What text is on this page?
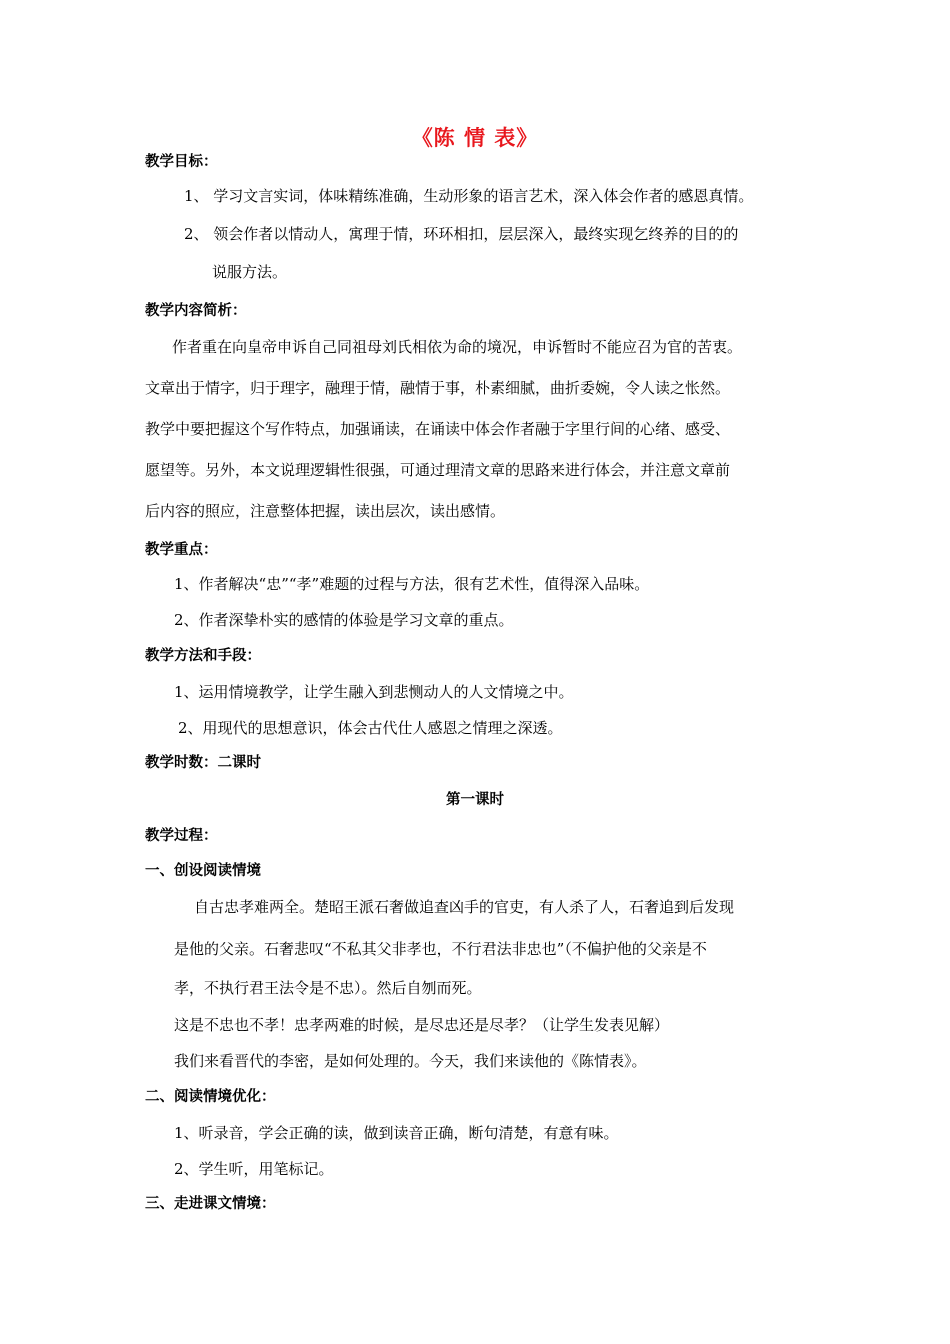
《陈 情 表》
教学目标：
1、 学习文言实词，体味精练准确，生动形象的语言艺术，深入体会作者的感恩真情。
2、 领会作者以情动人，寓理于情，环环相扣，层层深入，最终实现乞终养的目的的
说服方法。
教学内容简析：
作者重在向皇帝申诉自己同祖母刘氏相依为命的境况，申诉暂时不能应召为官的苦衷。
文章出于情字，归于理字，融理于情，融情于事，朴素细腻，曲折委婉，令人读之怅然。
教学中要把握这个写作特点，加强诵读，在诵读中体会作者融于字里行间的心绪、感受、
愿望等。另外，本文说理逻辑性很强，可通过理清文章的思路来进行体会，并注意文章前
后内容的照应，注意整体把握，读出层次，读出感情。
教学重点：
1、作者解决“忠”“孝”难题的过程与方法，很有艺术性，值得深入品味。
2、作者深挚朴实的感情的体验是学习文章的重点。
教学方法和手段：
1、运用情境教学，让学生融入到悲恻动人的人文情境之中。
2、用现代的思想意识，体会古代仕人感恩之情理之深透。
教学时数：二课时
第一课时
教学过程：
一、创设阅读情境
自古忠孝难两全。楚昭王派石奢做追查凶手的官吏，有人杀了人，石奢追到后发现
是他的父亲。石奢悲叹“不私其父非孝也，不行君法非忠也”（不偏护他的父亲是不
孝，不执行君王法令是不忠）。然后自刎而死。
这是不忠也不孝！忠孝两难的时候，是尽忠还是尽孝？（让学生发表见解）
我们来看晋代的李密，是如何处理的。今天，我们来读他的《陈情表》。
二、阅读情境优化：
1、听录音，学会正确的读，做到读音正确，断句清楚，有意有味。
2、学生听，用笔标记。
三、走进课文情境：
